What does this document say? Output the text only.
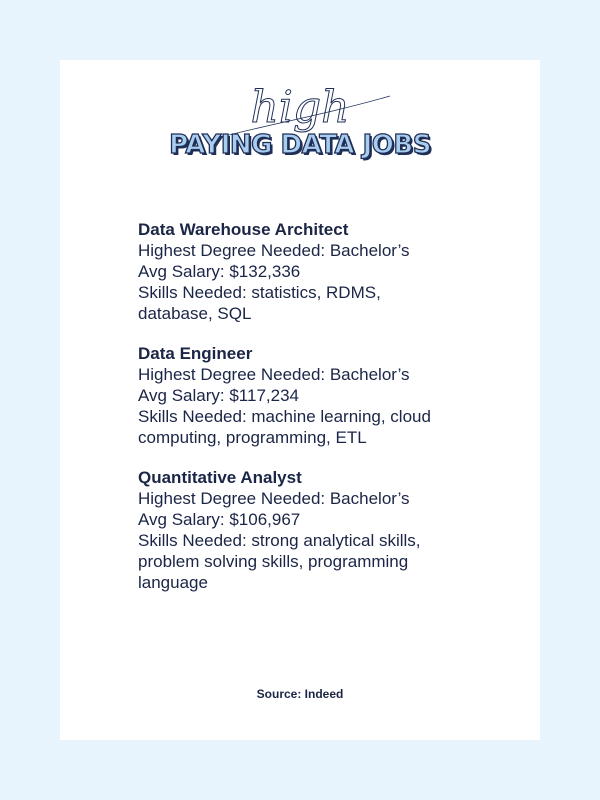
high
PAYING DATA JOBS
Data Warehouse Architect
Highest Degree Needed: Bachelor’s
Avg Salary: $132,336
Skills Needed: statistics, RDMS,
database, SQL
Data Engineer
Highest Degree Needed: Bachelor’s
Avg Salary: $117,234
Skills Needed: machine learning, cloud
computing, programming, ETL
Quantitative Analyst
Highest Degree Needed: Bachelor’s
Avg Salary: $106,967
Skills Needed: strong analytical skills,
problem solving skills, programming
language
Source: Indeed
